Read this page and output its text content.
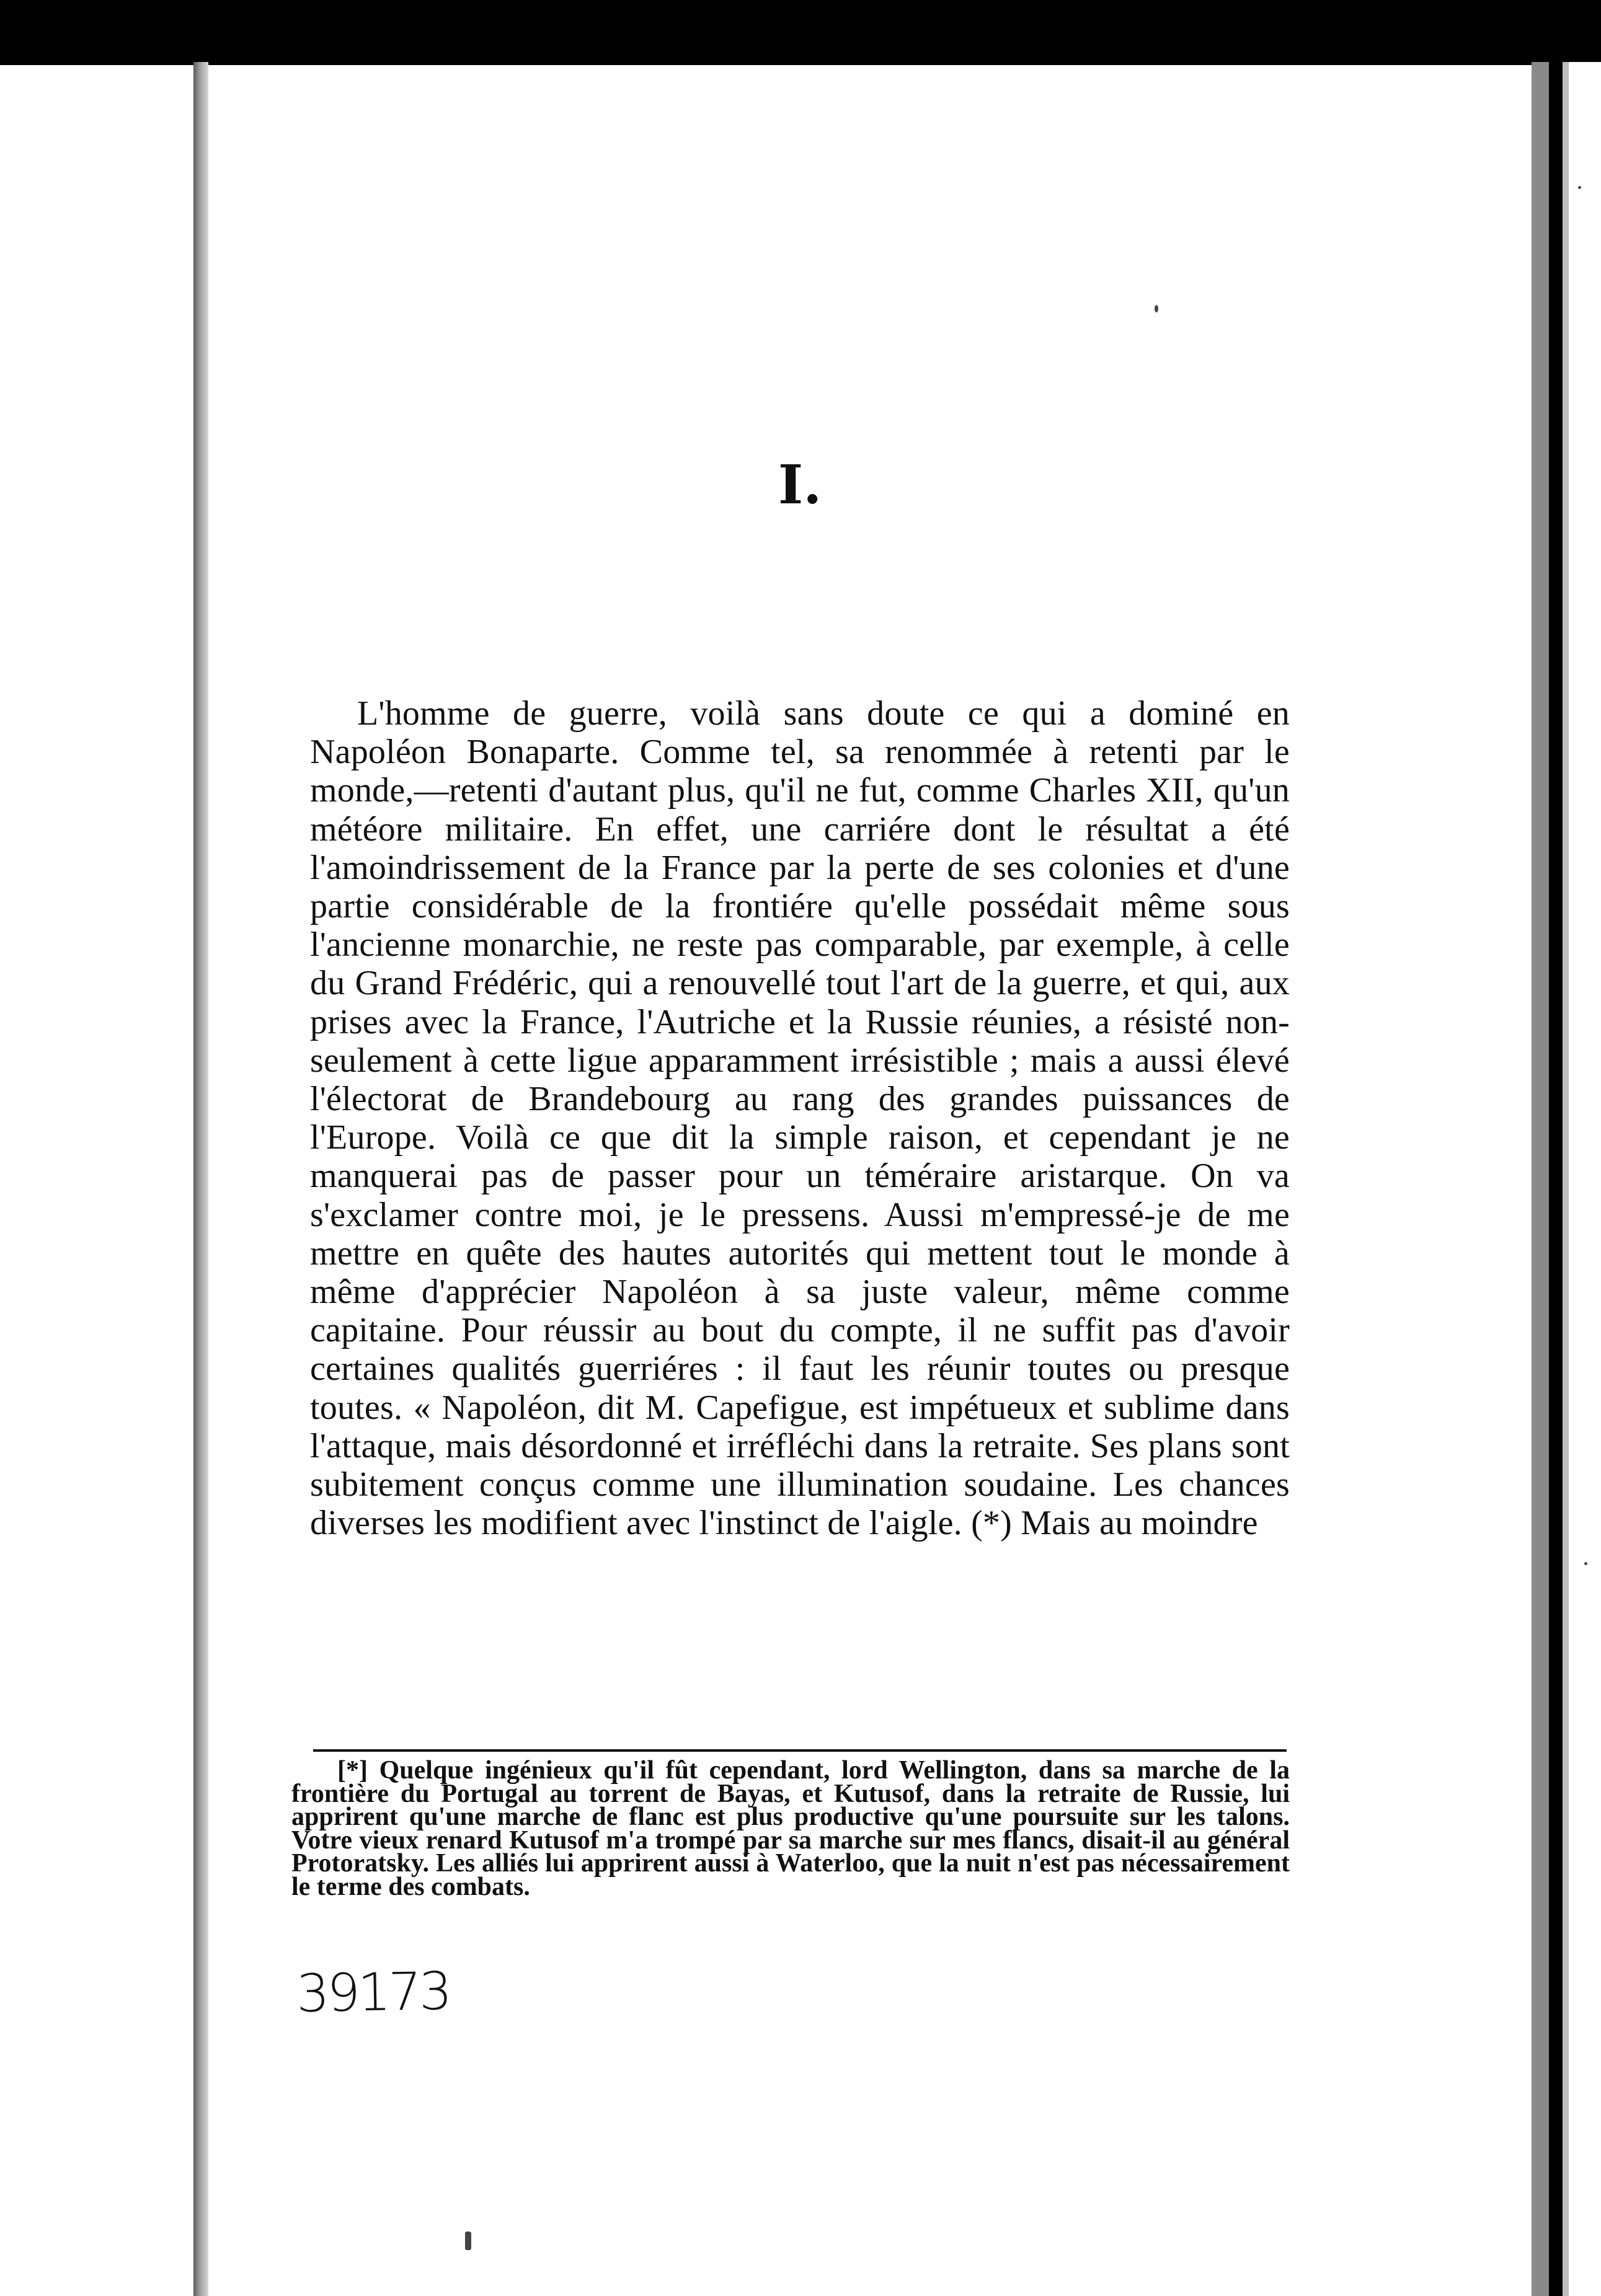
I.
L'homme de guerre, voilà sans doute ce qui a dominé en Napoléon Bonaparte. Comme tel, sa renommée à retenti par le monde,—retenti d'autant plus, qu'il ne fut, comme Charles XII, qu'un météore militaire. En effet, une carriére dont le résultat a été l'amoindrissement de la France par la perte de ses colonies et d'une partie considérable de la frontiére qu'elle possédait même sous l'ancienne monarchie, ne reste pas comparable, par exemple, à celle du Grand Frédéric, qui a renouvellé tout l'art de la guerre, et qui, aux prises avec la France, l'Autriche et la Russie réunies, a résisté non-seulement à cette ligue apparamment irrésistible ; mais a aussi élevé l'électorat de Brandebourg au rang des grandes puissances de l'Europe. Voilà ce que dit la simple raison, et cependant je ne manquerai pas de passer pour un téméraire aristarque. On va s'exclamer contre moi, je le pressens. Aussi m'empressé-je de me mettre en quête des hautes autorités qui mettent tout le monde à même d'apprécier Napoléon à sa juste valeur, même comme capitaine. Pour réussir au bout du compte, il ne suffit pas d'avoir certaines qualités guerriéres : il faut les réunir toutes ou presque toutes. « Napoléon, dit M. Capefigue, est impétueux et sublime dans l'attaque, mais désordonné et irréfléchi dans la retraite. Ses plans sont subitement conçus comme une illumination soudaine. Les chances diverses les modifient avec l'instinct de l'aigle. (*) Mais au moindre
[*] Quelque ingénieux qu'il fût cependant, lord Wellington, dans sa marche de la frontière du Portugal au torrent de Bayas, et Kutusof, dans la retraite de Russie, lui apprirent qu'une marche de flanc est plus productive qu'une poursuite sur les talons. Votre vieux renard Kutusof m'a trompé par sa marche sur mes flancs, disait-il au général Protoratsky. Les alliés lui apprirent aussi à Waterloo, que la nuit n'est pas nécessairement le terme des combats.
39173
